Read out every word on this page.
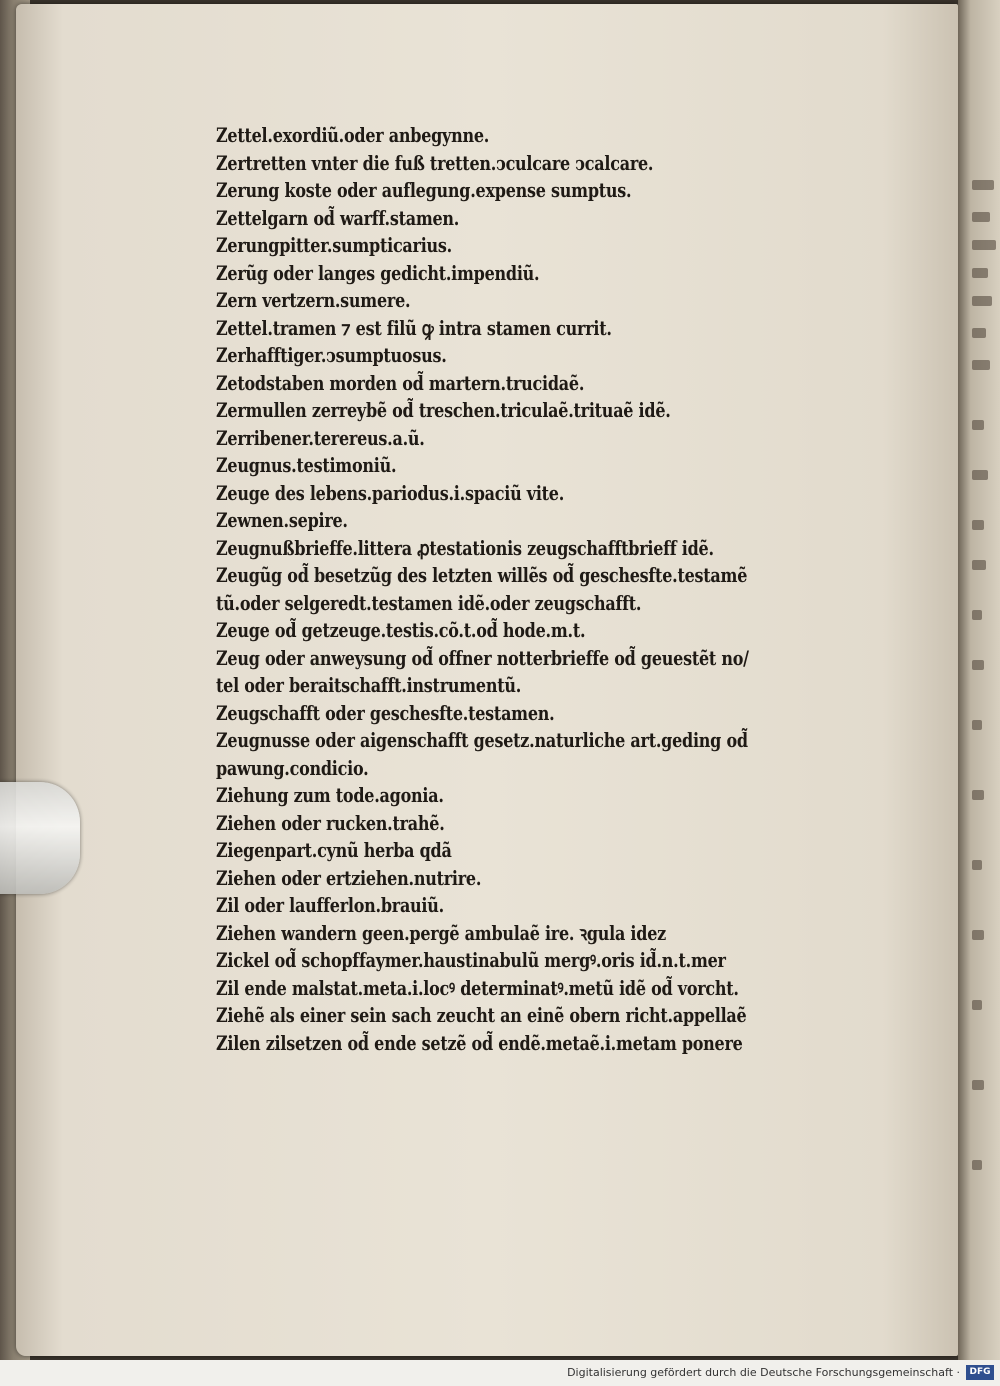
Zettel.exordiũ.oder anbegynne.
Zertretten vnter die fuß tretten.ↄculcare ↄcalcare.
Zerung koste oder auflegung.expense sumptus.
Zettelgarn od̃ warff.stamen.
Zerungpitter.sumpticarius.
Zerũg oder langes gedicht.impendiũ.
Zern vertzern.sumere.
Zettel.tramen ⁊ est filũ ꝙ intra stamen currit.
Zerhafftiger.ↄsumptuosus.
Zetodstaben morden od̃ martern.trucidaẽ.
Zermullen zerreybẽ od̃ treschen.triculaẽ.trituaẽ idẽ.
Zerribener.terereus.a.ũ.
Zeugnus.testimoniũ.
Zeuge des lebens.pariodus.i.spaciũ vite.
Zewnen.sepire.
Zeugnußbrieffe.littera ꝓtestationis zeugschafftbrieff idẽ.
Zeugũg od̃ besetzũg des letzten willẽs od̃ geschesfte.testamẽ
tũ.oder selgeredt.testamen idẽ.oder zeugschafft.
Zeuge od̃ getzeuge.testis.cõ.t.od̃ hode.m.t.
Zeug oder anweysung od̃ offner notterbrieffe od̃ geuestẽt no/
tel oder beraitschafft.instrumentũ.
Zeugschafft oder geschesfte.testamen.
Zeugnusse oder aigenschafft gesetz.naturliche art.geding od̃
pawung.condicio.
Ziehung zum tode.agonia.
Ziehen oder rucken.trahẽ.
Ziegenpart.cynũ herba qdã
Ziehen oder ertziehen.nutrire.
Zil oder laufferlon.brauiũ.
Ziehen wandern geen.pergẽ ambulaẽ ire. ꝛgula idez
Zickel od̃ schopffaymer.haustinabulũ mergꝰ.oris id̃.n.t.mer
Zil ende malstat.meta.i.locꝰ determinatꝰ.metũ idẽ od̃ vorcht.
Ziehẽ als einer sein sach zeucht an einẽ obern richt.appellaẽ
Zilen zilsetzen od̃ ende setzẽ od̃ endẽ.metaẽ.i.metam ponere
Digitalisierung gefördert durch die Deutsche Forschungsgemeinschaft ·	DFG
